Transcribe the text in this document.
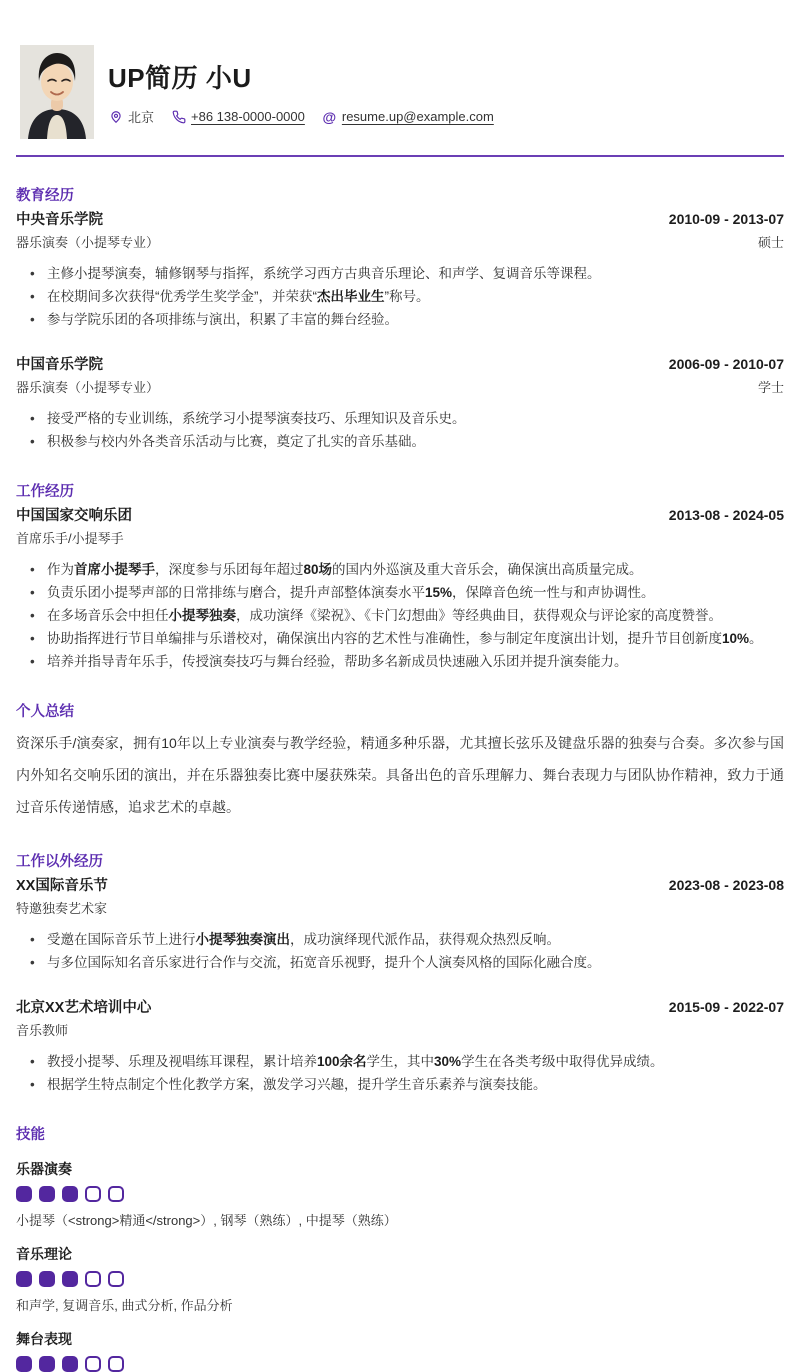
UP简历 小U
北京	+86 138-0000-0000 @ resume.up@example.com
教育经历
中央音乐学院	2010-09 - 2013-07
器乐演奏（小提琴专业）	硕士
• 主修小提琴演奏，辅修钢琴与指挥，系统学习西方古典音乐理论、和声学、复调音乐等课程。
• 在校期间多次获得“优秀学生奖学金”，并荣获“杰出毕业生”称号。
• 参与学院乐团的各项排练与演出，积累了丰富的舞台经验。
中国音乐学院	2006-09 - 2010-07
器乐演奏（小提琴专业）	学士
• 接受严格的专业训练，系统学习小提琴演奏技巧、乐理知识及音乐史。
• 积极参与校内外各类音乐活动与比赛，奠定了扎实的音乐基础。
工作经历
中国国家交响乐团	2013-08 - 2024-05
首席乐手/小提琴手
• 作为首席小提琴手，深度参与乐团每年超过80场的国内外巡演及重大音乐会，确保演出高质量完成。
• 负责乐团小提琴声部的日常排练与磨合，提升声部整体演奏水平15%，保障音色统一性与和声协调性。
• 在多场音乐会中担任小提琴独奏，成功演绎《梁祝》、《卡门幻想曲》等经典曲目，获得观众与评论家的高度赞誉。
• 协助指挥进行节目单编排与乐谱校对，确保演出内容的艺术性与准确性，参与制定年度演出计划，提升节目创新度10%。
• 培养并指导青年乐手，传授演奏技巧与舞台经验，帮助多名新成员快速融入乐团并提升演奏能力。
个人总结

资深乐手/演奏家，拥有10年以上专业演奏与教学经验，精通多种乐器，尤其擅长弦乐及键盘乐器的独奏与合奏。多次参与国内外知名交响乐团的演出，并在乐器独奏比赛中屡获殊荣。具备出色的音乐理解力、舞台表现力与团队协作精神，致力于通过音乐传递情感，追求艺术的卓越。

工作以外经历
XX国际音乐节	2023-08 - 2023-08
特邀独奏艺术家
• 受邀在国际音乐节上进行小提琴独奏演出，成功演绎现代派作品，获得观众热烈反响。
• 与多位国际知名音乐家进行合作与交流，拓宽音乐视野，提升个人演奏风格的国际化融合度。
北京XX艺术培训中心	2015-09 - 2022-07
音乐教师
• 教授小提琴、乐理及视唱练耳课程，累计培养100余名学生，其中30%学生在各类考级中取得优异成绩。
• 根据学生特点制定个性化教学方案，激发学习兴趣，提升学生音乐素养与演奏技能。
技能
乐器演奏
小提琴（<strong>精通</strong>）, 钢琴（熟练）, 中提琴（熟练）
音乐理论
和声学, 复调音乐, 曲式分析, 作品分析
舞台表现
